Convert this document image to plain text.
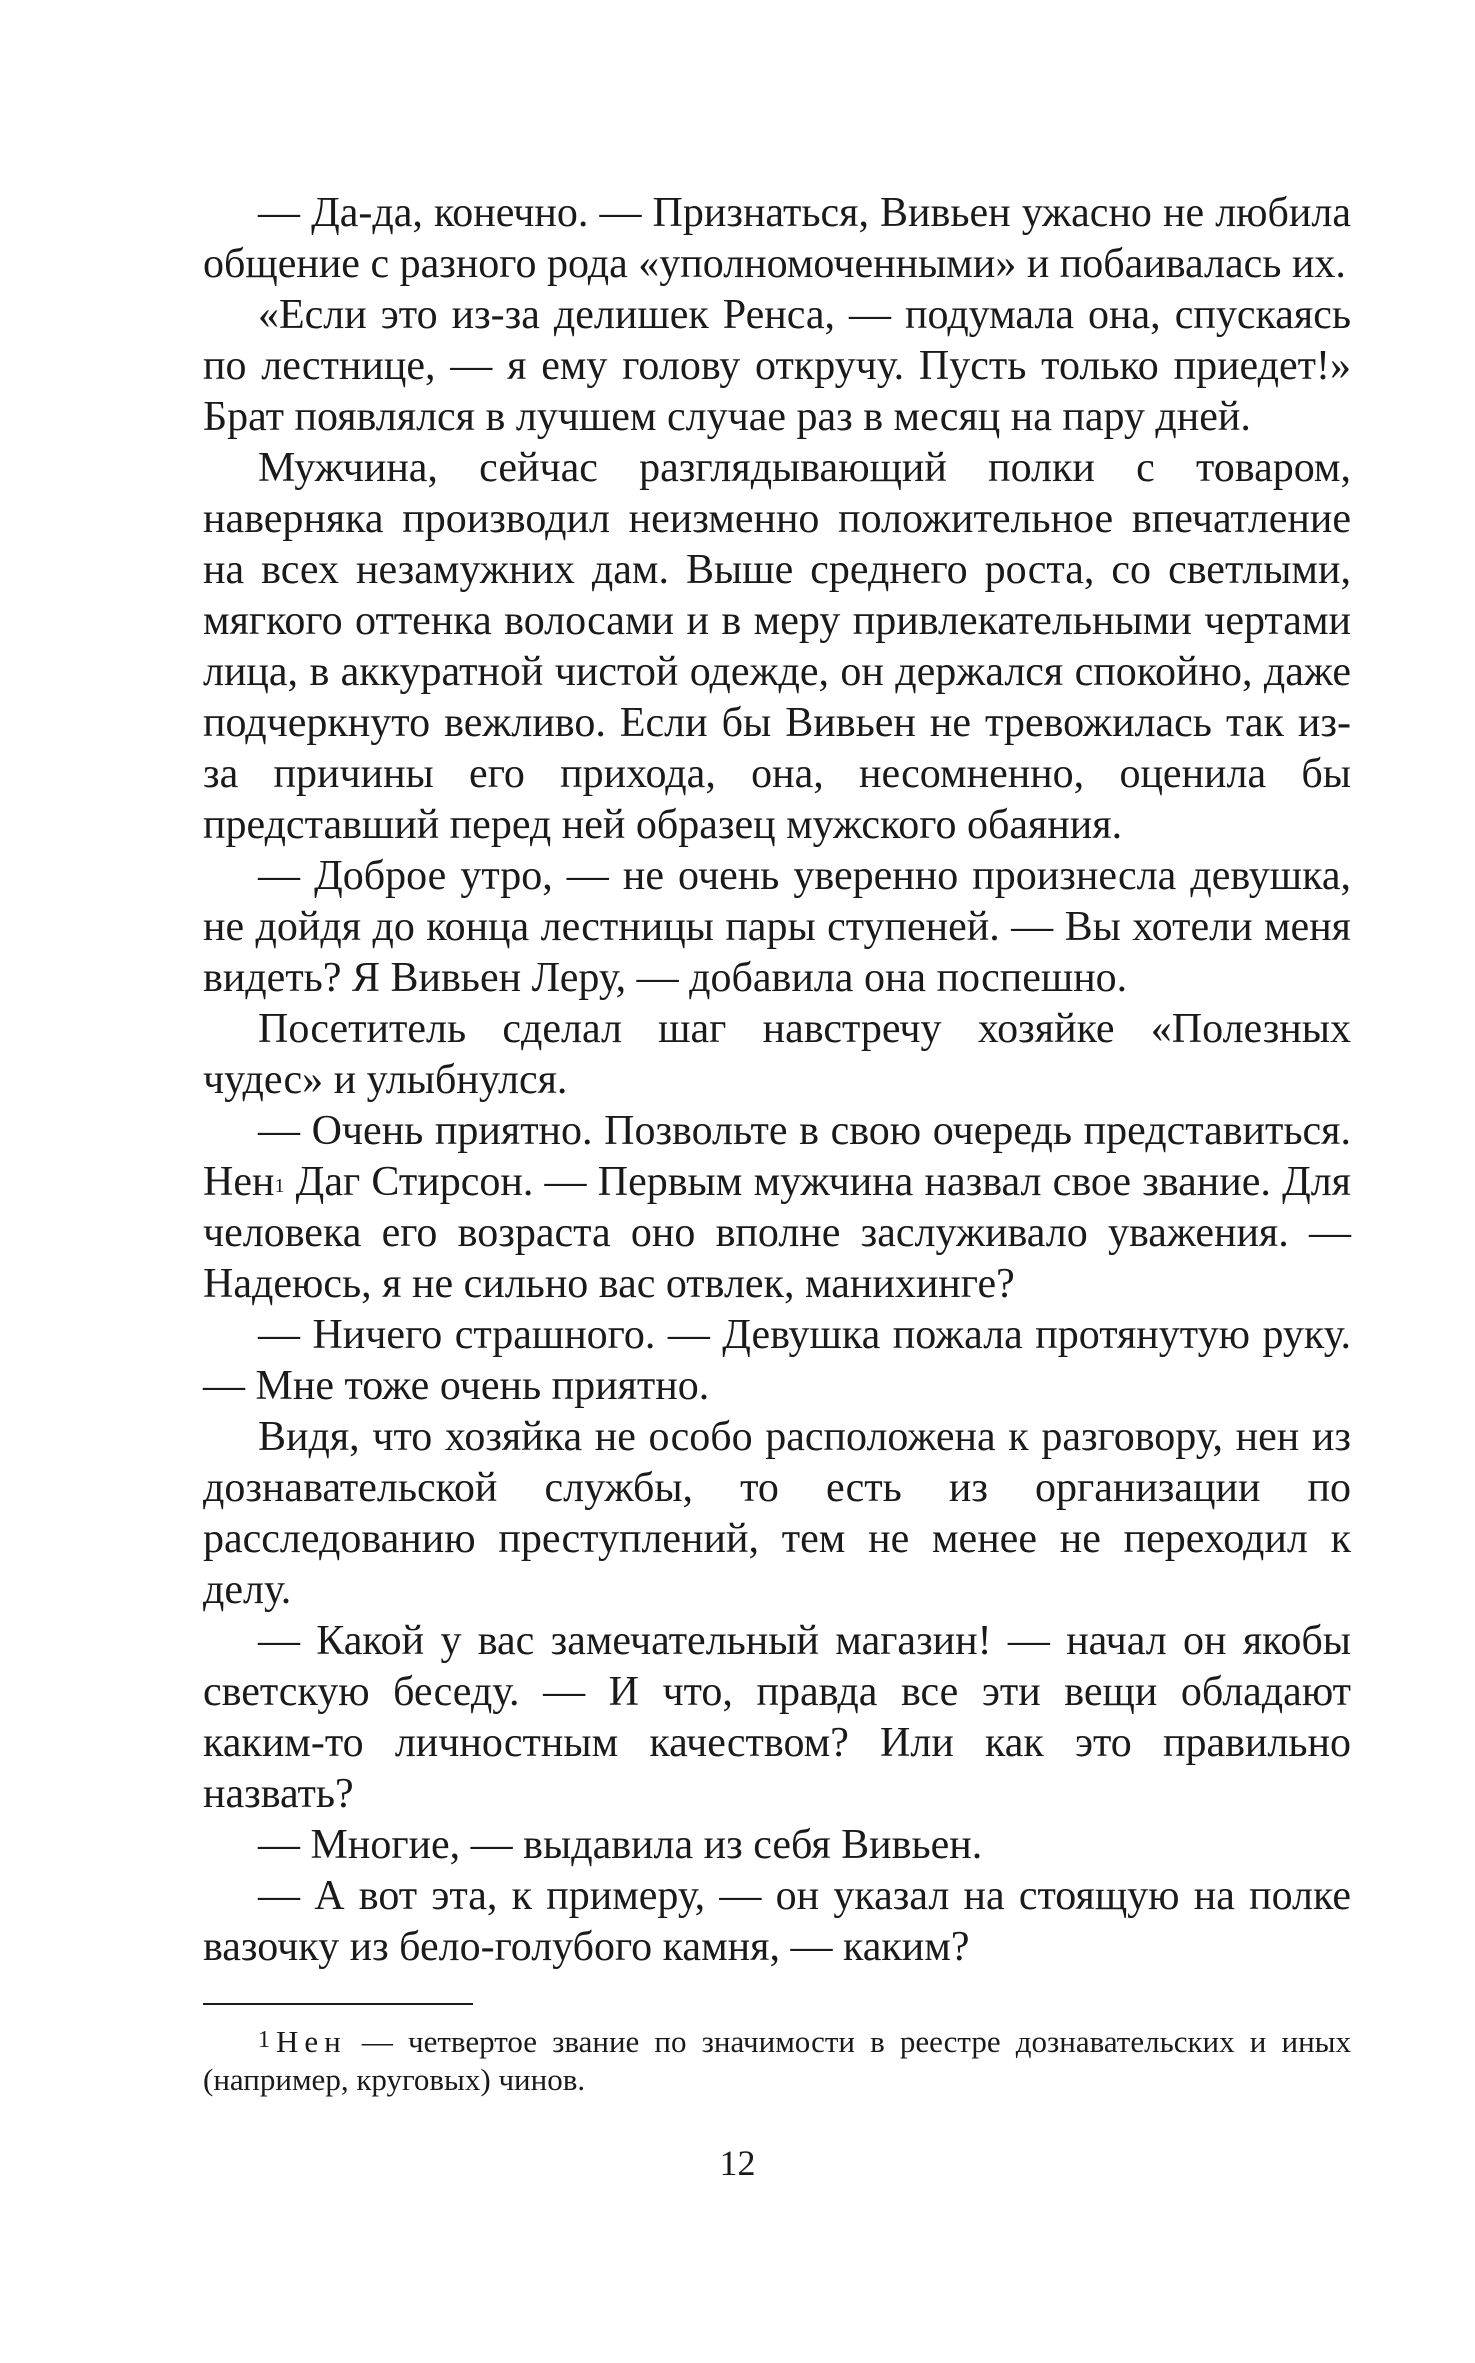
— Да-да, конечно. — Признаться, Вивьен ужасно не любила общение с разного рода «уполномоченными» и побаивалась их.

«Если это из-за делишек Ренса, — подумала она, спускаясь по лестнице, — я ему голову откручу. Пусть только приедет!» Брат появлялся в лучшем случае раз в месяц на пару дней.

Мужчина, сейчас разглядывающий полки с товаром, наверняка производил неизменно положительное впечатление на всех незамужних дам. Выше среднего роста, со светлыми, мягкого оттенка волосами и в меру привлекательными чертами лица, в аккуратной чистой одежде, он держался спокойно, даже подчеркнуто вежливо. Если бы Вивьен не тревожилась так из-за причины его прихода, она, несомненно, оценила бы представший перед ней образец мужского обаяния.

— Доброе утро, — не очень уверенно произнесла девушка, не дойдя до конца лестницы пары ступеней. — Вы хотели меня видеть? Я Вивьен Леру, — добавила она поспешно.

Посетитель сделал шаг навстречу хозяйке «Полезных чудес» и улыбнулся.

— Очень приятно. Позвольте в свою очередь представиться. Нен$^1$ Даг Стирсон. — Первым мужчина назвал свое звание. Для человека его возраста оно вполне заслуживало уважения. — Надеюсь, я не сильно вас отвлек, манихинге?

— Ничего страшного. — Девушка пожала протянутую руку. — Мне тоже очень приятно.

Видя, что хозяйка не особо расположена к разговору, нен из дознавательской службы, то есть из организации по расследованию преступлений, тем не менее не переходил к делу.

— Какой у вас замечательный магазин! — начал он якобы светскую беседу. — И что, правда все эти вещи обладают каким-то личностным качеством? Или как это правильно назвать?

— Многие, — выдавила из себя Вивьен.

— А вот эта, к примеру, — он указал на стоящую на полке вазочку из бело-голубого камня, — каким?

$^1$ Нен — четвертое звание по значимости в реестре дознавательских и иных (например, круговых) чинов.

12
